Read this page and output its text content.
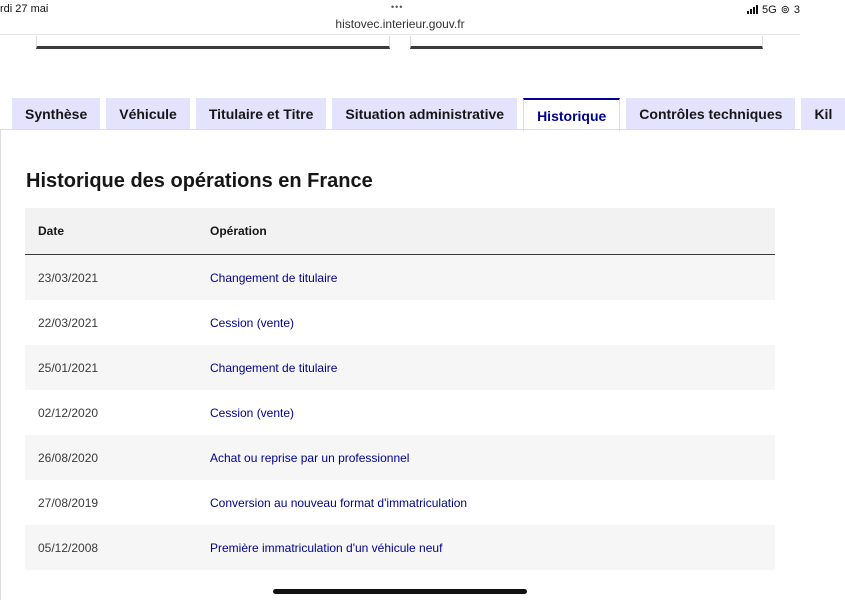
rdi 27 mai	•••	5G ⊚ 3
histovec.interieur.gouv.fr
Synthèse	Véhicule	Titulaire et Titre	Situation administrative	Historique	Contrôles techniques	Kil
Historique des opérations en France
Date	Opération
23/03/2021	Changement de titulaire
22/03/2021	Cession (vente)
25/01/2021	Changement de titulaire
02/12/2020	Cession (vente)
26/08/2020	Achat ou reprise par un professionnel
27/08/2019	Conversion au nouveau format d'immatriculation
05/12/2008	Première immatriculation d'un véhicule neuf
